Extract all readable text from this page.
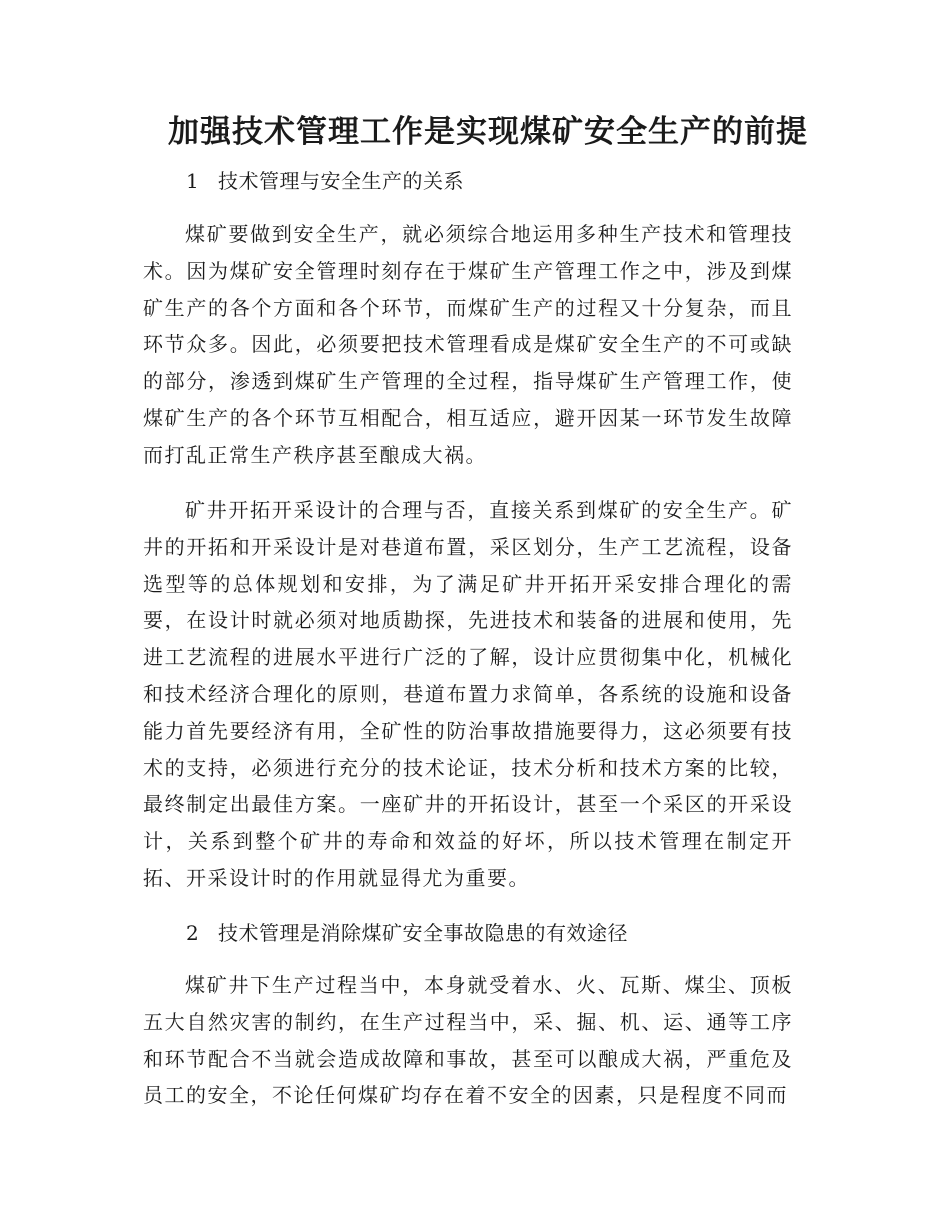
加强技术管理工作是实现煤矿安全生产的前提
1 技术管理与安全生产的关系

煤矿要做到安全生产，就必须综合地运用多种生产技术和管理技术。因为煤矿安全管理时刻存在于煤矿生产管理工作之中，涉及到煤矿生产的各个方面和各个环节，而煤矿生产的过程又十分复杂，而且环节众多。因此，必须要把技术管理看成是煤矿安全生产的不可或缺的部分，渗透到煤矿生产管理的全过程，指导煤矿生产管理工作，使煤矿生产的各个环节互相配合，相互适应，避开因某一环节发生故障而打乱正常生产秩序甚至酿成大祸。

矿井开拓开采设计的合理与否，直接关系到煤矿的安全生产。矿井的开拓和开采设计是对巷道布置，采区划分，生产工艺流程，设备选型等的总体规划和安排，为了满足矿井开拓开采安排合理化的需要，在设计时就必须对地质勘探，先进技术和装备的进展和使用，先进工艺流程的进展水平进行广泛的了解，设计应贯彻集中化，机械化和技术经济合理化的原则，巷道布置力求简单，各系统的设施和设备能力首先要经济有用，全矿性的防治事故措施要得力，这必须要有技术的支持，必须进行充分的技术论证，技术分析和技术方案的比较，最终制定出最佳方案。一座矿井的开拓设计，甚至一个采区的开采设计，关系到整个矿井的寿命和效益的好坏，所以技术管理在制定开拓、开采设计时的作用就显得尤为重要。

2 技术管理是消除煤矿安全事故隐患的有效途径

煤矿井下生产过程当中，本身就受着水、火、瓦斯、煤尘、顶板五大自然灾害的制约，在生产过程当中，采、掘、机、运、通等工序和环节配合不当就会造成故障和事故，甚至可以酿成大祸，严重危及员工的安全，不论任何煤矿均存在着不安全的因素，只是程度不同而
